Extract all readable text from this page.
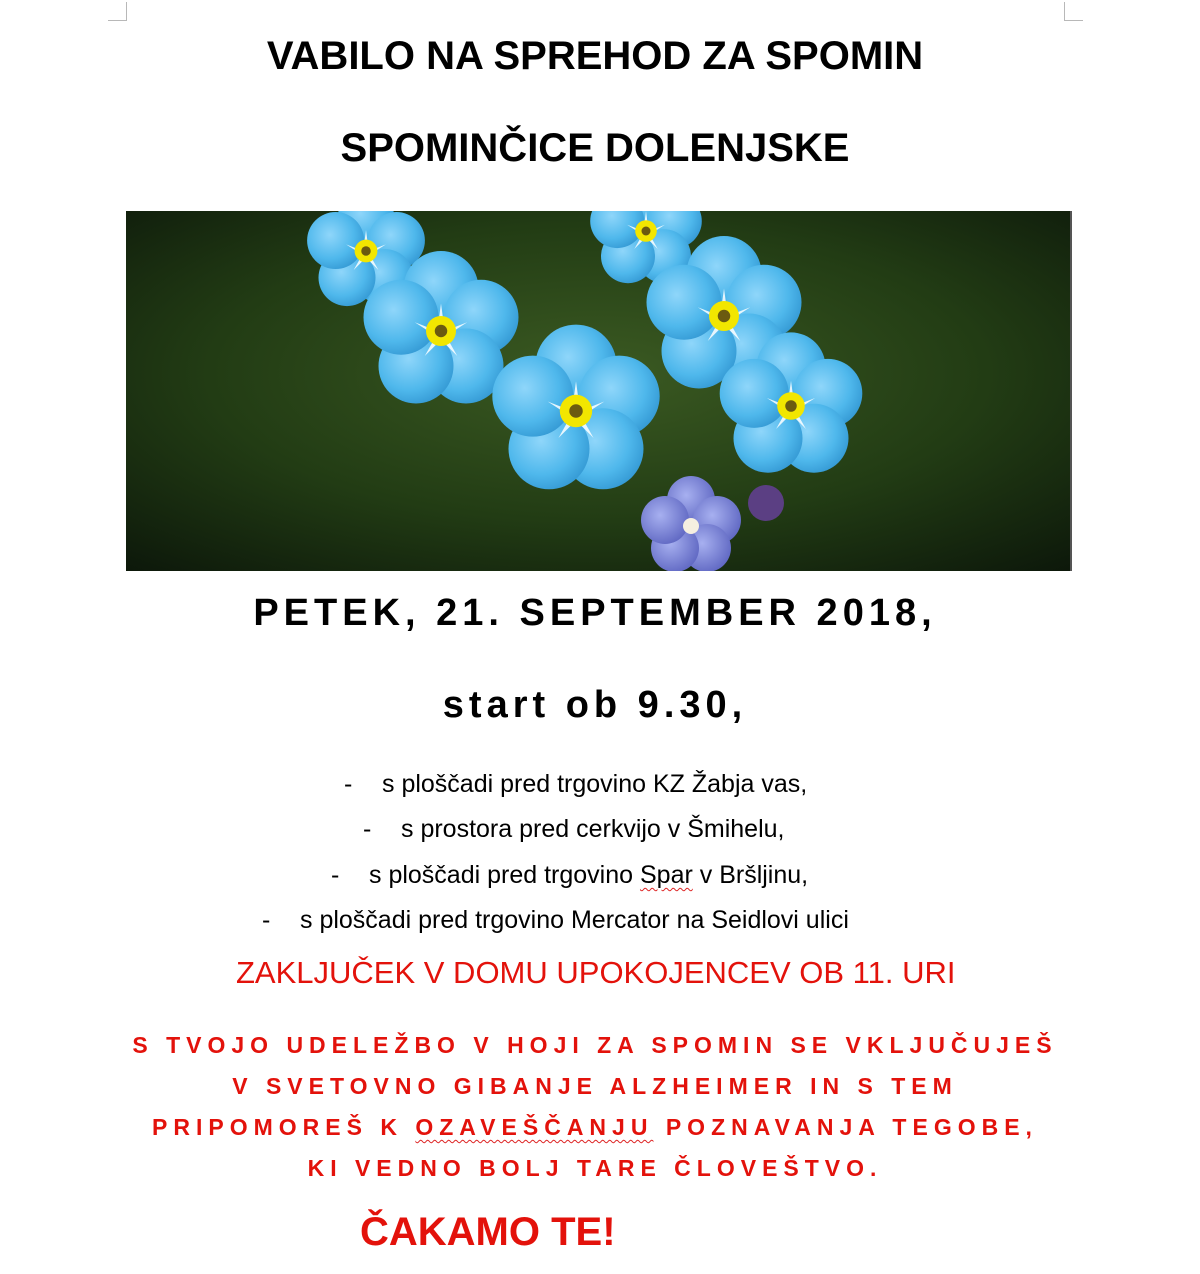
VABILO NA SPREHOD ZA SPOMIN
SPOMINČICE DOLENJSKE
PETEK, 21. SEPTEMBER 2018,
start ob 9.30,
- s ploščadi pred trgovino KZ Žabja vas,
- s prostora pred cerkvijo v Šmihelu,
- s ploščadi pred trgovino Spar v Bršljinu,
- s ploščadi pred trgovino Mercator na Seidlovi ulici
ZAKLJUČEK V DOMU UPOKOJENCEV OB 11. URI
S TVOJO UDELEŽBO V HOJI ZA SPOMIN SE VKLJUČUJEŠ
V SVETOVNO GIBANJE ALZHEIMER IN S TEM
PRIPOMOREŠ K OZAVEŠČANJU POZNAVANJA TEGOBE,
KI VEDNO BOLJ TARE ČLOVEŠTVO.
ČAKAMO TE!
